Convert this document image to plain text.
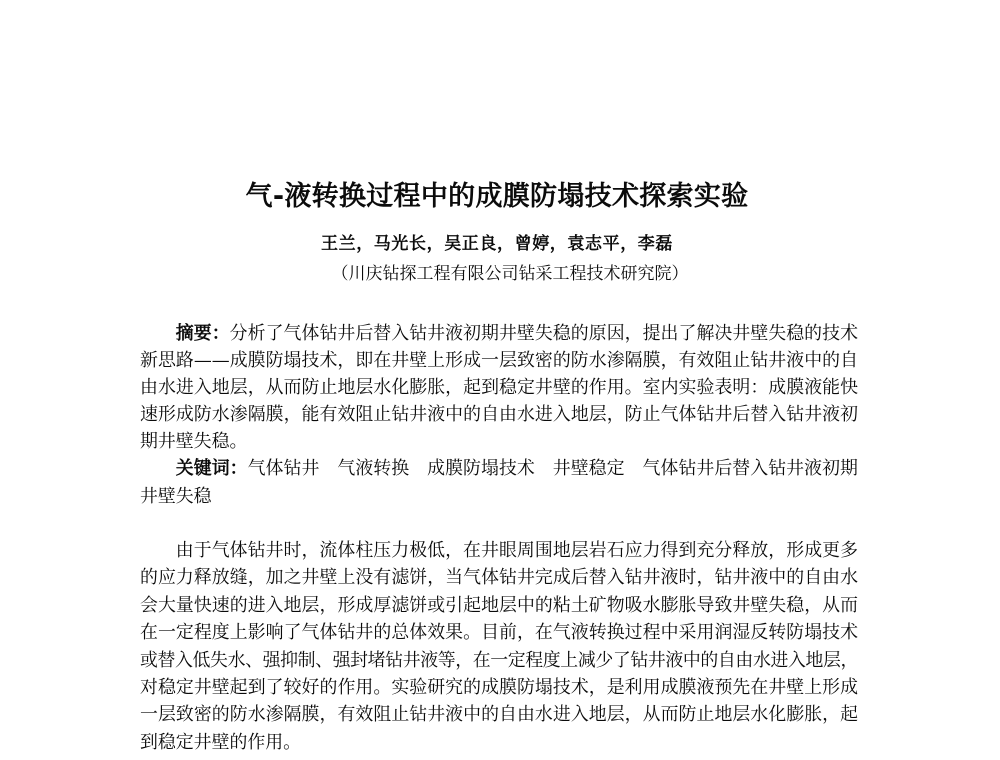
气-液转换过程中的成膜防塌技术探索实验
王兰，马光长，吴正良，曾婷，袁志平，李磊
（川庆钻探工程有限公司钻采工程技术研究院）
摘要：分析了气体钻井后替入钻井液初期井壁失稳的原因，提出了解决井壁失稳的技术
新思路——成膜防塌技术，即在井壁上形成一层致密的防水渗隔膜，有效阻止钻井液中的自
由水进入地层，从而防止地层水化膨胀，起到稳定井壁的作用。室内实验表明：成膜液能快
速形成防水渗隔膜，能有效阻止钻井液中的自由水进入地层，防止气体钻井后替入钻井液初
期井壁失稳。
关键词：气体钻井 气液转换 成膜防塌技术 井壁稳定 气体钻井后替入钻井液初期
井壁失稳
由于气体钻井时，流体柱压力极低，在井眼周围地层岩石应力得到充分释放，形成更多
的应力释放缝，加之井壁上没有滤饼，当气体钻井完成后替入钻井液时，钻井液中的自由水
会大量快速的进入地层，形成厚滤饼或引起地层中的粘土矿物吸水膨胀导致井壁失稳，从而
在一定程度上影响了气体钻井的总体效果。目前，在气液转换过程中采用润湿反转防塌技术
或替入低失水、强抑制、强封堵钻井液等，在一定程度上减少了钻井液中的自由水进入地层，
对稳定井壁起到了较好的作用。实验研究的成膜防塌技术，是利用成膜液预先在井壁上形成
一层致密的防水渗隔膜，有效阻止钻井液中的自由水进入地层，从而防止地层水化膨胀，起
到稳定井壁的作用。
